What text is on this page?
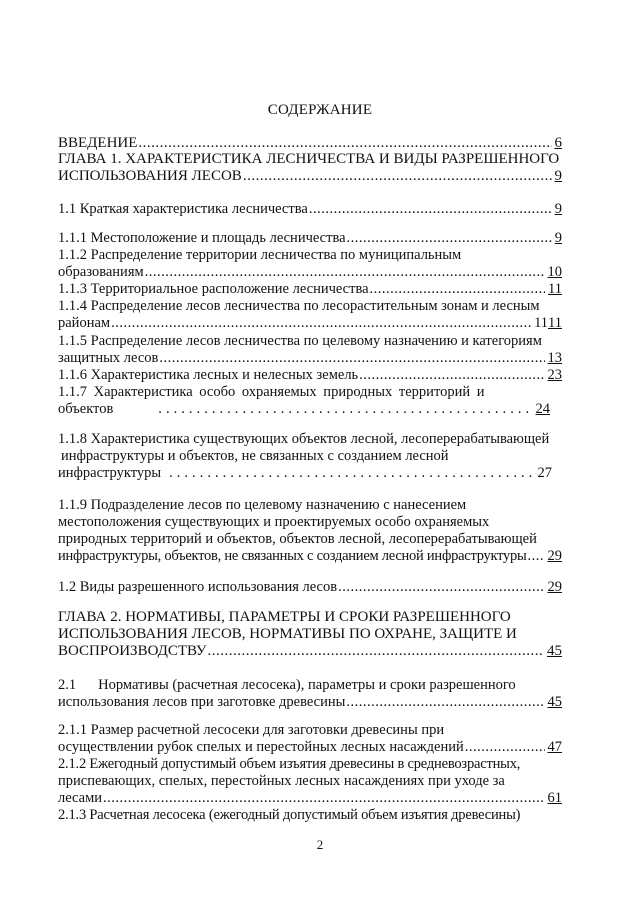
СОДЕРЖАНИЕ
ВВЕДЕНИЕ .....	6
ГЛАВА 1. ХАРАКТЕРИСТИКА ЛЕСНИЧЕСТВА И ВИДЫ РАЗРЕШЕННОГО
ИСПОЛЬЗОВАНИЯ ЛЕСОВ .....	9
1.1 Краткая характеристика лесничества .....	9
1.1.1 Местоположение и площадь лесничества .....	9
1.1.2 Распределение территории лесничества по муниципальным
образованиям .....	10
1.1.3 Территориальное расположение лесничества .....	11
1.1.4 Распределение лесов лесничества по лесорастительным зонам и лесным
районам .....	11 11
1.1.5 Распределение лесов лесничества по целевому назначению и категориям
защитных лесов .....	13
1.1.6 Характеристика лесных и нелесных земель .....	23
1.1.7 Характеристика особо охраняемых природных территорий и
объектов . . .	24
1.1.8 Характеристика существующих объектов лесной, лесоперерабатывающей
инфраструктуры и объектов, не связанных с созданием лесной
инфраструктуры . . .	27
1.1.9 Подразделение лесов по целевому назначению с нанесением
местоположения существующих и проектируемых особо охраняемых
природных территорий и объектов, объектов лесной, лесоперерабатывающей
инфраструктуры, объектов, не связанных с созданием лесной инфраструктуры ..... 29
1.2 Виды разрешенного использования лесов .....	29
ГЛАВА 2. НОРМАТИВЫ, ПАРАМЕТРЫ И СРОКИ РАЗРЕШЕННОГО
ИСПОЛЬЗОВАНИЯ ЛЕСОВ, НОРМАТИВЫ ПО ОХРАНЕ, ЗАЩИТЕ И
ВОСПРОИЗВОДСТВУ .....	45
2.1	Нормативы (расчетная лесосека), параметры и сроки разрешенного
использования лесов при заготовке древесины .....	45
2.1.1 Размер расчетной лесосеки для заготовки древесины при
осуществлении рубок спелых и перестойных лесных насаждений .....	47
2.1.2 Ежегодный допустимый объем изъятия древесины в средневозрастных,
приспевающих, спелых, перестойных лесных насаждениях при уходе за
лесами .....	61
2.1.3 Расчетная лесосека (ежегодный допустимый объем изъятия древесины)
2
